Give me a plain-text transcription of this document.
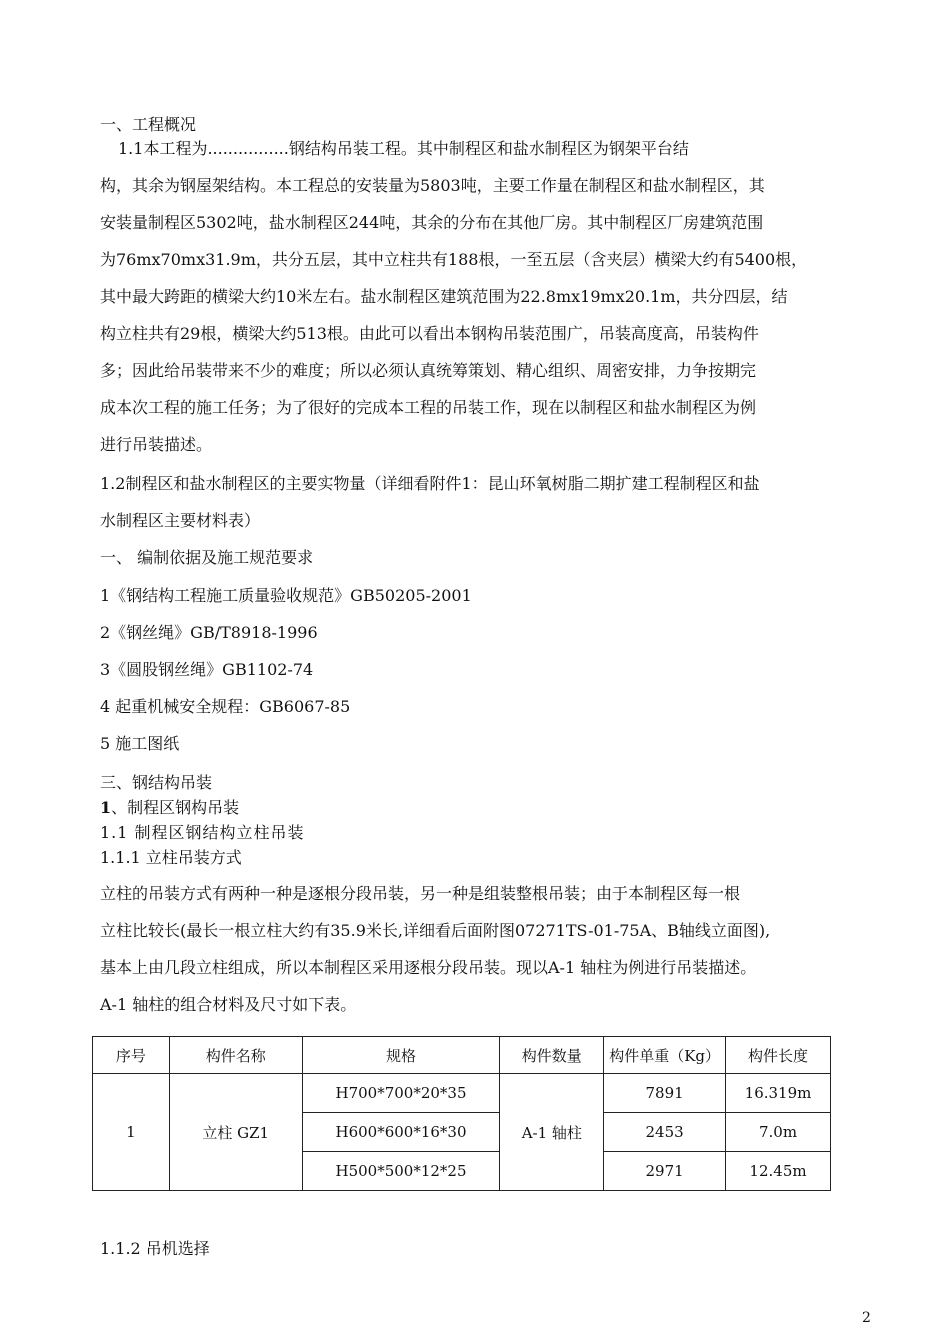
一、工程概况
1.1本工程为................钢结构吊装工程。其中制程区和盐水制程区为钢架平台结
构，其余为钢屋架结构。本工程总的安装量为5803吨，主要工作量在制程区和盐水制程区，其
安装量制程区5302吨，盐水制程区244吨，其余的分布在其他厂房。其中制程区厂房建筑范围
为76mx70mx31.9m，共分五层，其中立柱共有188根，一至五层（含夹层）横梁大约有5400根，
其中最大跨距的横梁大约10米左右。盐水制程区建筑范围为22.8mx19mx20.1m，共分四层，结
构立柱共有29根，横梁大约513根。由此可以看出本钢构吊装范围广，吊装高度高，吊装构件
多；因此给吊装带来不少的难度；所以必须认真统筹策划、精心组织、周密安排，力争按期完
成本次工程的施工任务；为了很好的完成本工程的吊装工作，现在以制程区和盐水制程区为例
进行吊装描述。
1.2制程区和盐水制程区的主要实物量（详细看附件1：昆山环氧树脂二期扩建工程制程区和盐
水制程区主要材料表）
一、 编制依据及施工规范要求
1《钢结构工程施工质量验收规范》GB50205-2001
2《钢丝绳》GB/T8918-1996
3《圆股钢丝绳》GB1102-74
4 起重机械安全规程：GB6067-85
5 施工图纸
三、钢结构吊装
1、制程区钢构吊装
1.1 制程区钢结构立柱吊装
1.1.1 立柱吊装方式
立柱的吊装方式有两种一种是逐根分段吊装，另一种是组装整根吊装；由于本制程区每一根
立柱比较长(最长一根立柱大约有35.9米长,详细看后面附图07271TS-01-75A、B轴线立面图),
基本上由几段立柱组成，所以本制程区采用逐根分段吊装。现以A-1 轴柱为例进行吊装描述。
A-1 轴柱的组合材料及尺寸如下表。
序号	构件名称	规格	构件数量	构件单重（Kg）	构件长度
1	立柱 GZ1	H700*700*20*35	A-1 轴柱	7891	16.319m
		H600*600*16*30		2453	7.0m
		H500*500*12*25		2971	12.45m
1.1.2 吊机选择
2
